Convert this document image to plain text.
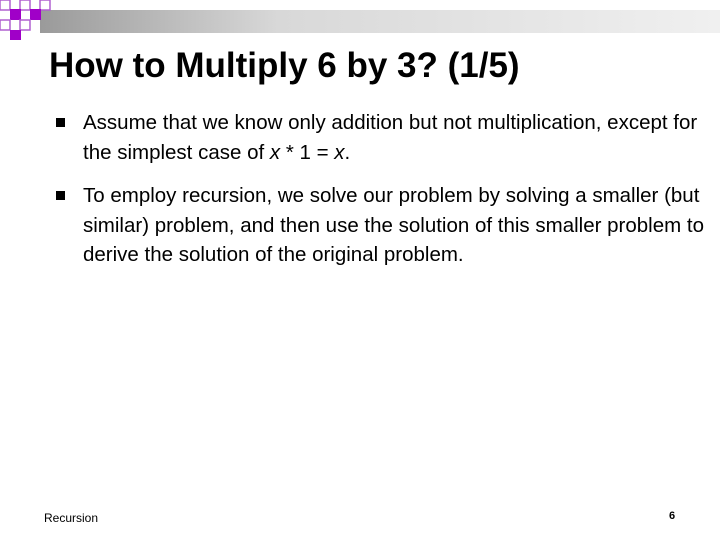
How to Multiply 6 by 3? (1/5)
Assume that we know only addition but not multiplication, except for the simplest case of x * 1 = x.
To employ recursion, we solve our problem by solving a smaller (but similar) problem, and then use the solution of this smaller problem to derive the solution of the original problem.
Recursion	6
